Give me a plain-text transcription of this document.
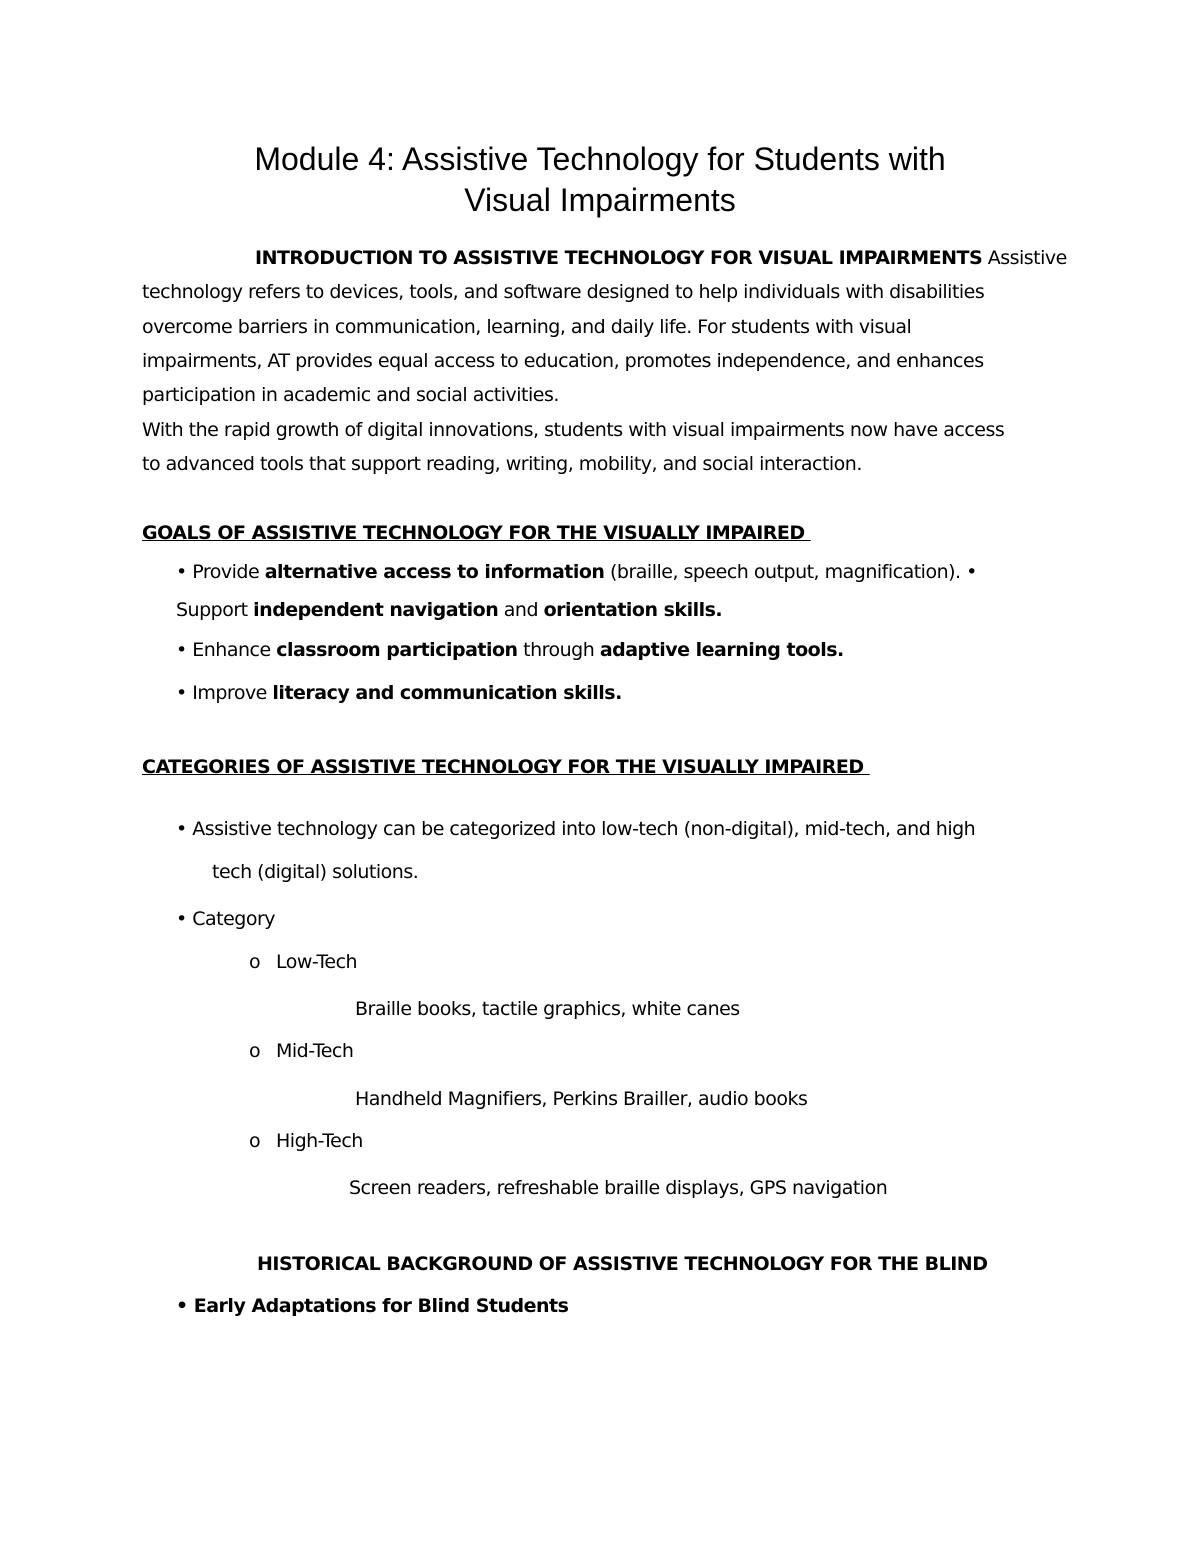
Module 4: Assistive Technology for Students with
Visual Impairments
INTRODUCTION TO ASSISTIVE TECHNOLOGY FOR VISUAL IMPAIRMENTS Assistive
technology refers to devices, tools, and software designed to help individuals with disabilities
overcome barriers in communication, learning, and daily life. For students with visual
impairments, AT provides equal access to education, promotes independence, and enhances
participation in academic and social activities.
With the rapid growth of digital innovations, students with visual impairments now have access
to advanced tools that support reading, writing, mobility, and social interaction.
GOALS OF ASSISTIVE TECHNOLOGY FOR THE VISUALLY IMPAIRED
• Provide alternative access to information (braille, speech output, magnification). •
Support independent navigation and orientation skills.
• Enhance classroom participation through adaptive learning tools.
• Improve literacy and communication skills.
CATEGORIES OF ASSISTIVE TECHNOLOGY FOR THE VISUALLY IMPAIRED
• Assistive technology can be categorized into low-tech (non-digital), mid-tech, and high
tech (digital) solutions.
• Category
o Low-Tech
Braille books, tactile graphics, white canes
o Mid-Tech
Handheld Magnifiers, Perkins Brailler, audio books
o High-Tech
Screen readers, refreshable braille displays, GPS navigation
HISTORICAL BACKGROUND OF ASSISTIVE TECHNOLOGY FOR THE BLIND
• Early Adaptations for Blind Students
